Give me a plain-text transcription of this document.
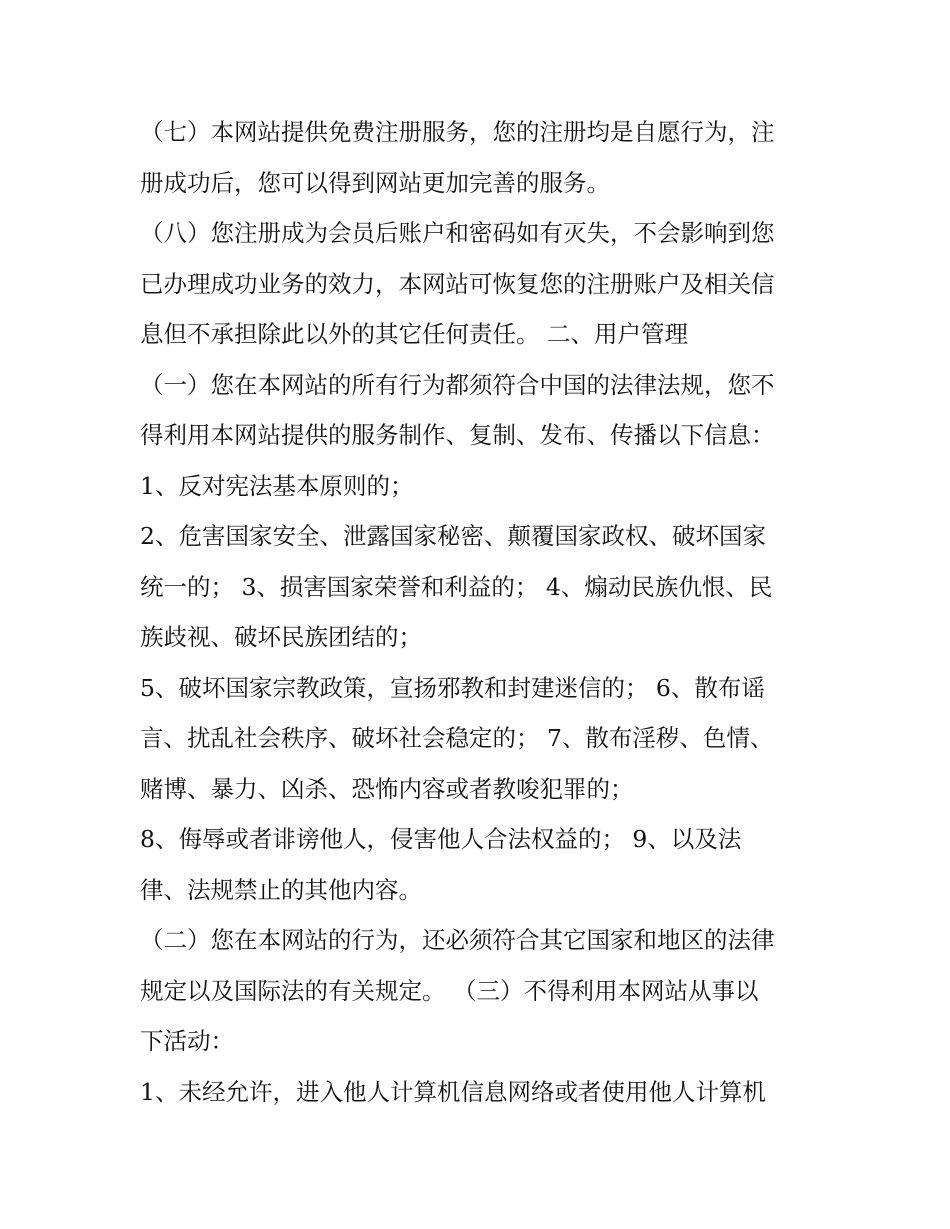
（七）本网站提供免费注册服务，您的注册均是自愿行为，注
册成功后，您可以得到网站更加完善的服务。
（八）您注册成为会员后账户和密码如有灭失，不会影响到您
已办理成功业务的效力，本网站可恢复您的注册账户及相关信
息但不承担除此以外的其它任何责任。 二、用户管理
（一）您在本网站的所有行为都须符合中国的法律法规，您不
得利用本网站提供的服务制作、复制、发布、传播以下信息：
1、反对宪法基本原则的；
2、危害国家安全、泄露国家秘密、颠覆国家政权、破坏国家
统一的； 3、损害国家荣誉和利益的； 4、煽动民族仇恨、民
族歧视、破坏民族团结的；
5、破坏国家宗教政策，宣扬邪教和封建迷信的； 6、散布谣
言、扰乱社会秩序、破坏社会稳定的； 7、散布淫秽、色情、
赌博、暴力、凶杀、恐怖内容或者教唆犯罪的；
8、侮辱或者诽谤他人，侵害他人合法权益的； 9、以及法
律、法规禁止的其他内容。
（二）您在本网站的行为，还必须符合其它国家和地区的法律
规定以及国际法的有关规定。 （三）不得利用本网站从事以
下活动：
1、未经允许，进入他人计算机信息网络或者使用他人计算机
